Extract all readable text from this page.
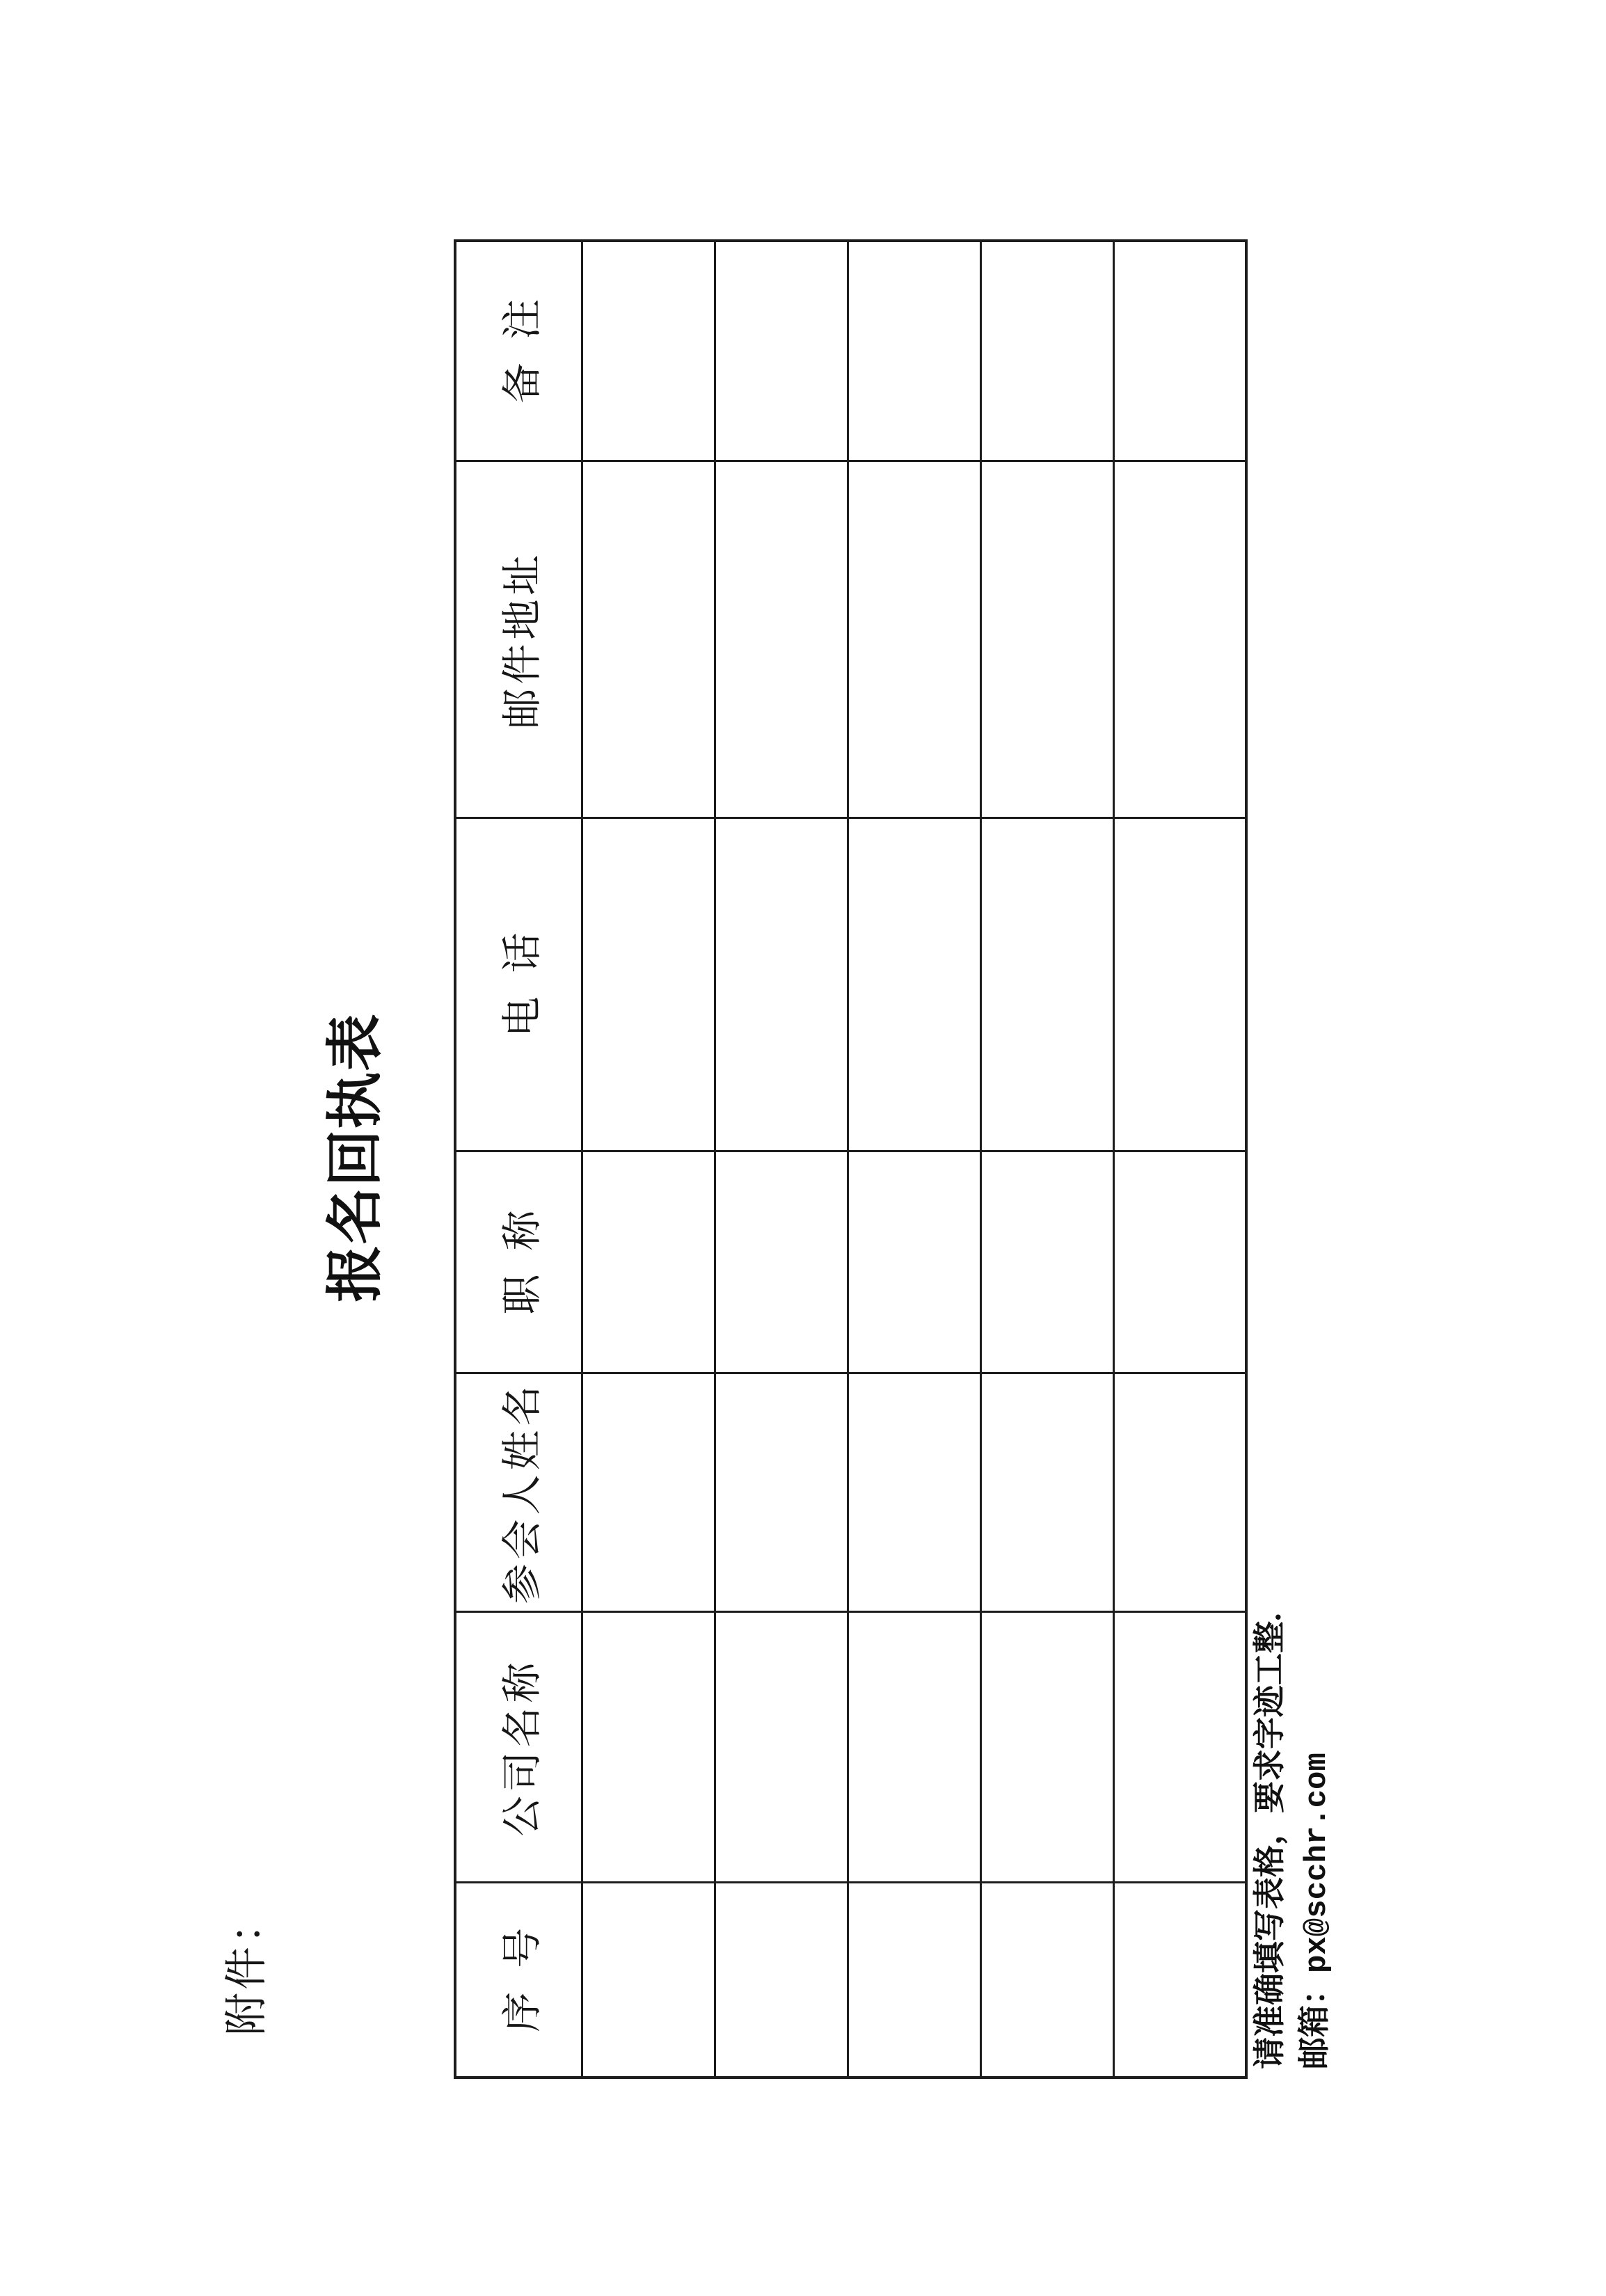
附件：
报名回执表
序号	公司名称	参会人姓名	职称	电话	邮件地址	备注

请准确填写表格，要求字迹工整. 邮箱：px@scchr.com
